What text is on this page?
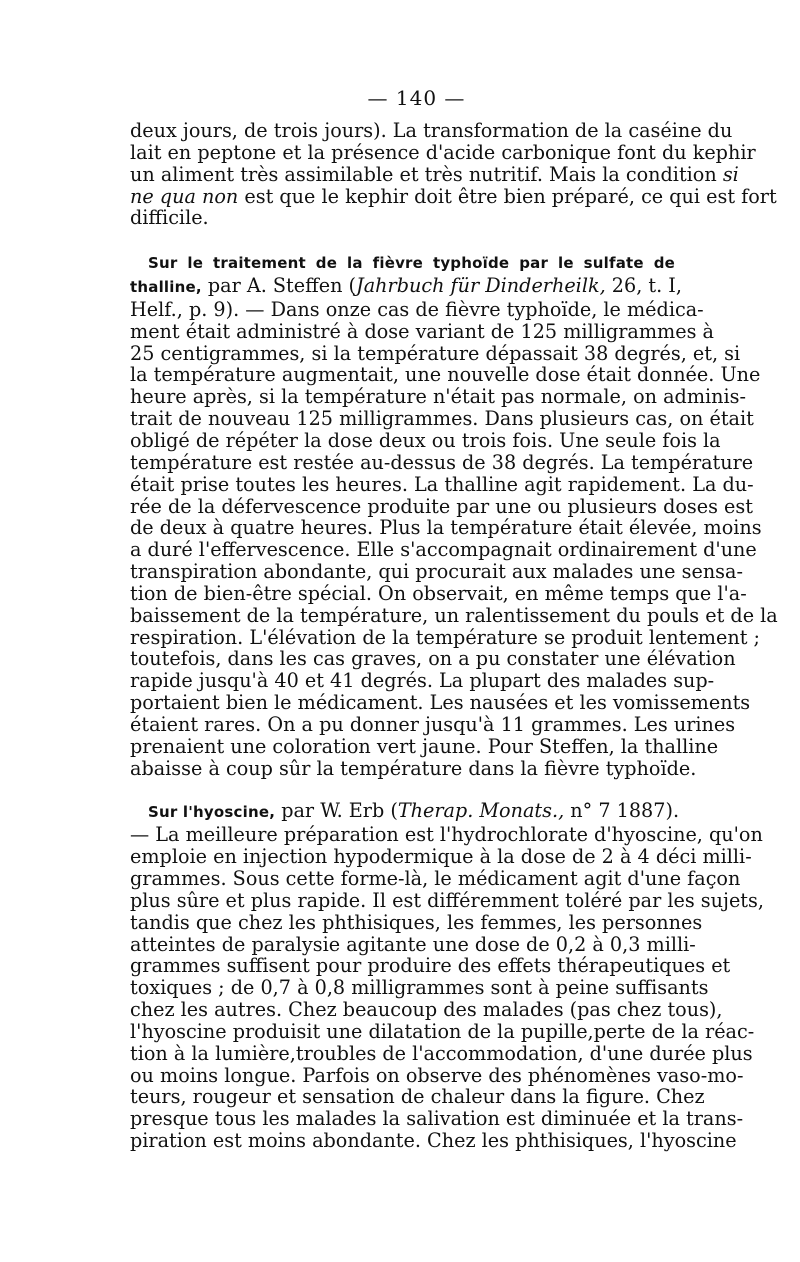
— 140 —
deux jours, de trois jours). La transformation de la caséine du
lait en peptone et la présence d'acide carbonique font du kephir
un aliment très assimilable et très nutritif. Mais la condition si
ne qua non est que le kephir doit être bien préparé, ce qui est fort
difficile.
Sur le traitement de la fièvre typhoïde par le sulfate de
thalline, par A. Steffen (Jahrbuch für Dinderheilk, 26, t. I,
Helf., p. 9). — Dans onze cas de fièvre typhoïde, le médica-
ment était administré à dose variant de 125 milligrammes à
25 centigrammes, si la température dépassait 38 degrés, et, si
la température augmentait, une nouvelle dose était donnée. Une
heure après, si la température n'était pas normale, on adminis-
trait de nouveau 125 milligrammes. Dans plusieurs cas, on était
obligé de répéter la dose deux ou trois fois. Une seule fois la
température est restée au-dessus de 38 degrés. La température
était prise toutes les heures. La thalline agit rapidement. La du-
rée de la défervescence produite par une ou plusieurs doses est
de deux à quatre heures. Plus la température était élevée, moins
a duré l'effervescence. Elle s'accompagnait ordinairement d'une
transpiration abondante, qui procurait aux malades une sensa-
tion de bien-être spécial. On observait, en même temps que l'a-
baissement de la température, un ralentissement du pouls et de la
respiration. L'élévation de la température se produit lentement ;
toutefois, dans les cas graves, on a pu constater une élévation
rapide jusqu'à 40 et 41 degrés. La plupart des malades sup-
portaient bien le médicament. Les nausées et les vomissements
étaient rares. On a pu donner jusqu'à 11 grammes. Les urines
prenaient une coloration vert jaune. Pour Steffen, la thalline
abaisse à coup sûr la température dans la fièvre typhoïde.
Sur l'hyoscine, par W. Erb (Therap. Monats., n° 7 1887).
— La meilleure préparation est l'hydrochlorate d'hyoscine, qu'on
emploie en injection hypodermique à la dose de 2 à 4 déci milli-
grammes. Sous cette forme-là, le médicament agit d'une façon
plus sûre et plus rapide. Il est différemment toléré par les sujets,
tandis que chez les phthisiques, les femmes, les personnes
atteintes de paralysie agitante une dose de 0,2 à 0,3 milli-
grammes suffisent pour produire des effets thérapeutiques et
toxiques ; de 0,7 à 0,8 milligrammes sont à peine suffisants
chez les autres. Chez beaucoup des malades (pas chez tous),
l'hyoscine produisit une dilatation de la pupille,perte de la réac-
tion à la lumière,troubles de l'accommodation, d'une durée plus
ou moins longue. Parfois on observe des phénomènes vaso-mo-
teurs, rougeur et sensation de chaleur dans la figure. Chez
presque tous les malades la salivation est diminuée et la trans-
piration est moins abondante. Chez les phthisiques, l'hyoscine
